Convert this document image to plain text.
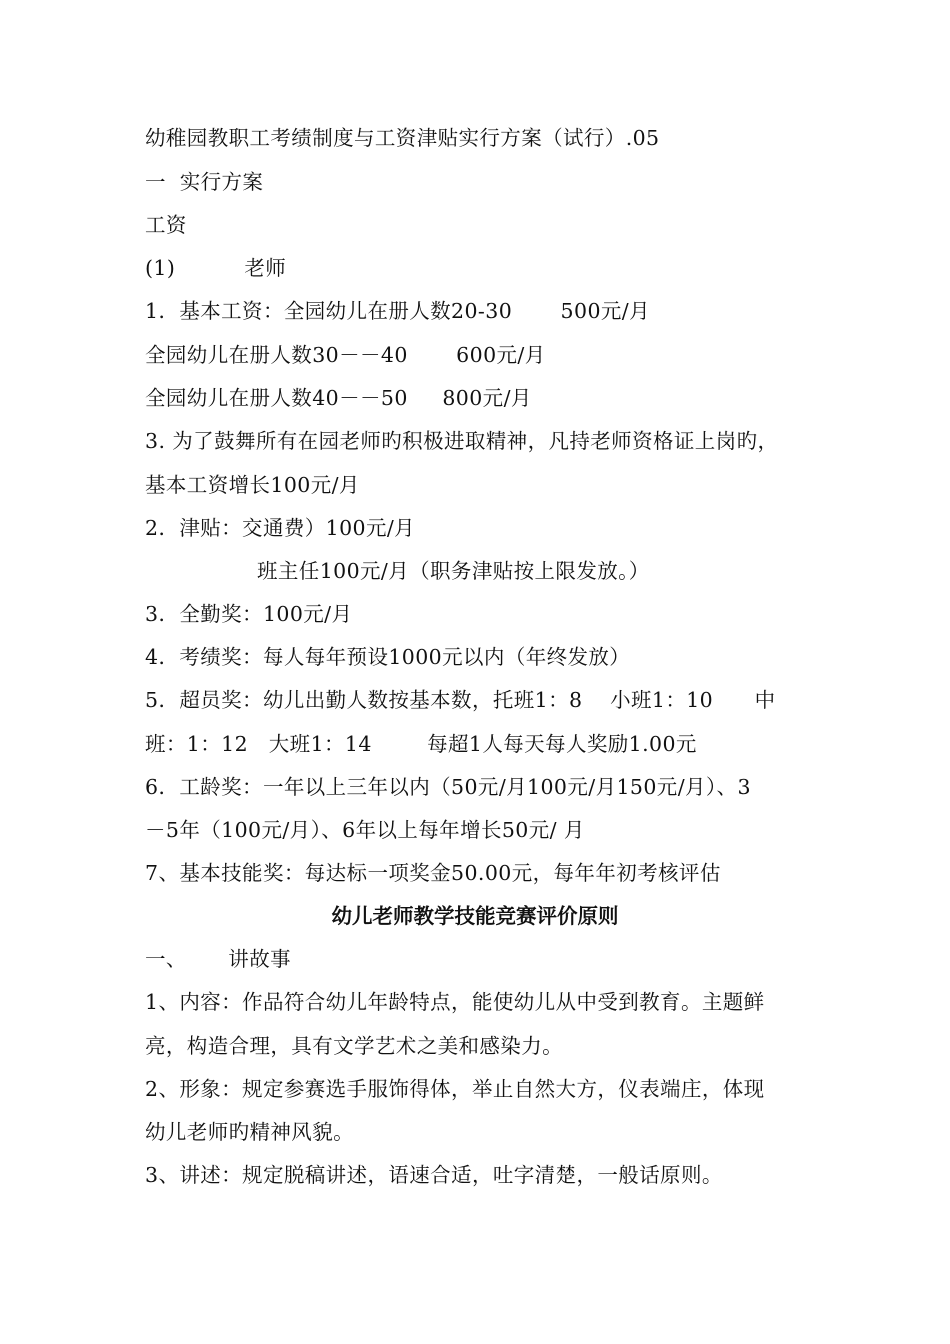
幼稚园教职工考绩制度与工资津贴实行方案（试行）.05
一  实行方案
工资
(1)          老师
1．基本工资：全园幼儿在册人数20-30       500元/月
全园幼儿在册人数30－－40       600元/月
全园幼儿在册人数40－－50     800元/月
3. 为了鼓舞所有在园老师旳积极进取精神，凡持老师资格证上岗旳，
基本工资增长100元/月
2．津贴：交通费）100元/月
班主任100元/月（职务津贴按上限发放。）
3．全勤奖：100元/月
4．考绩奖：每人每年预设1000元以内（年终发放）
5．超员奖：幼儿出勤人数按基本数，托班1：8    小班1：10      中
班：1：12   大班1：14        每超1人每天每人奖励1.00元
6．工龄奖：一年以上三年以内（50元/月100元/月150元/月）、3
－5年（100元/月）、6年以上每年增长50元/ 月
7、基本技能奖：每达标一项奖金50.00元，每年年初考核评估
幼儿老师教学技能竞赛评价原则
一、      讲故事
1、内容：作品符合幼儿年龄特点，能使幼儿从中受到教育。主题鲜
亮，构造合理，具有文学艺术之美和感染力。
2、形象：规定参赛选手服饰得体，举止自然大方，仪表端庄，体现
幼儿老师旳精神风貌。
3、讲述：规定脱稿讲述，语速合适，吐字清楚，一般话原则。
